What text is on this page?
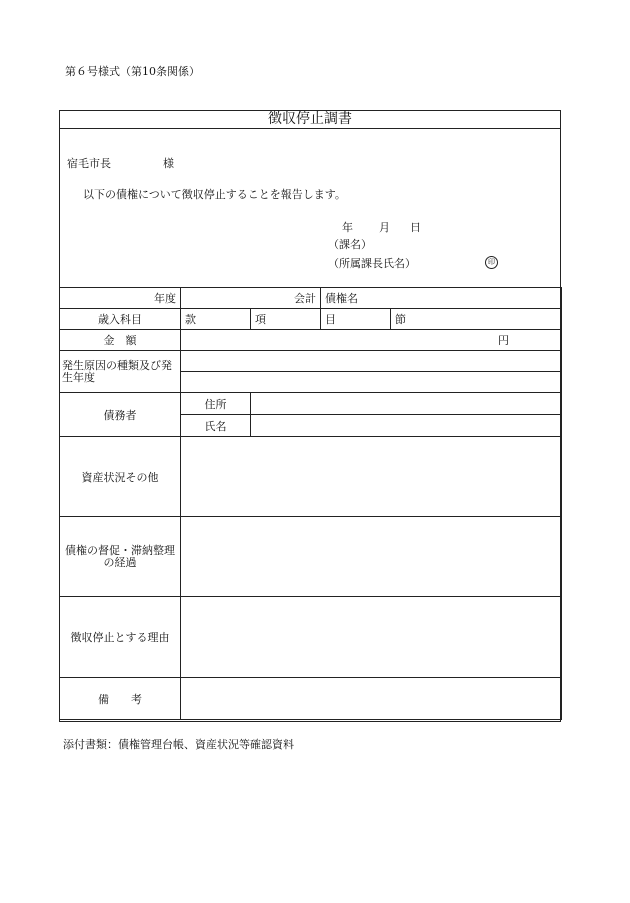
第６号様式（第10条関係）
徴収停止調書
宿毛市長	様
以下の債権について徴収停止することを報告します。
年 月 日
（課名）
（所属課長氏名）	印
年度	会計		債権名	
歳入科目	款	項	目	節
金　額	円			
発生原因の種類及び発生年度				

債務者	住所			
	氏名			
資産状況その他				
債権の督促・滞納整理の経過				
徴収停止とする理由				
備　　考				
添付書類：債権管理台帳、資産状況等確認資料
